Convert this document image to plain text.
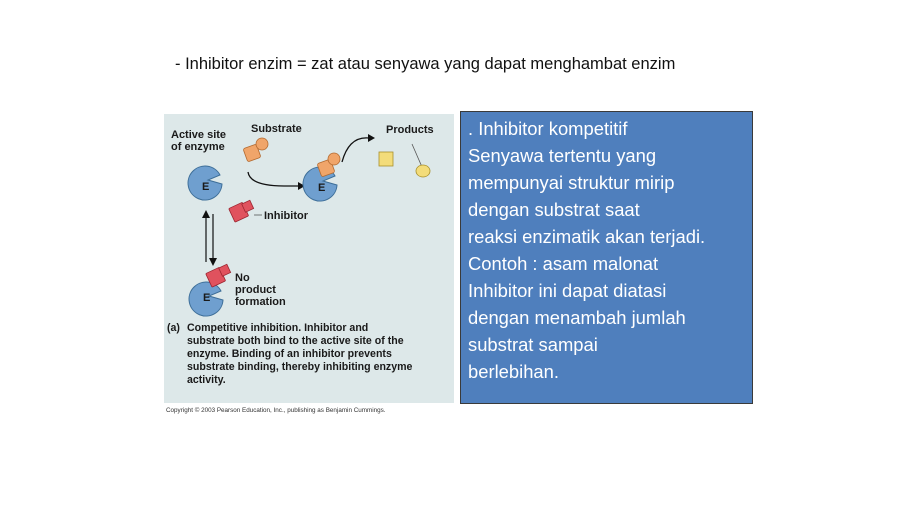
- Inhibitor enzim = zat atau senyawa yang dapat menghambat enzim
Active site
of enzyme
Substrate	Products
Inhibitor
E	E
E
No
product
formation
(a) Competitive inhibition. Inhibitor and
substrate both bind to the active site of the
enzyme. Binding of an inhibitor prevents
substrate binding, thereby inhibiting enzyme
activity.
Copyright © 2003 Pearson Education, Inc., publishing as Benjamin Cummings.
. Inhibitor kompetitif
Senyawa tertentu yang
mempunyai struktur mirip
dengan substrat saat
reaksi enzimatik akan terjadi.
Contoh : asam malonat
Inhibitor ini dapat diatasi
dengan menambah jumlah
substrat sampai
berlebihan.
